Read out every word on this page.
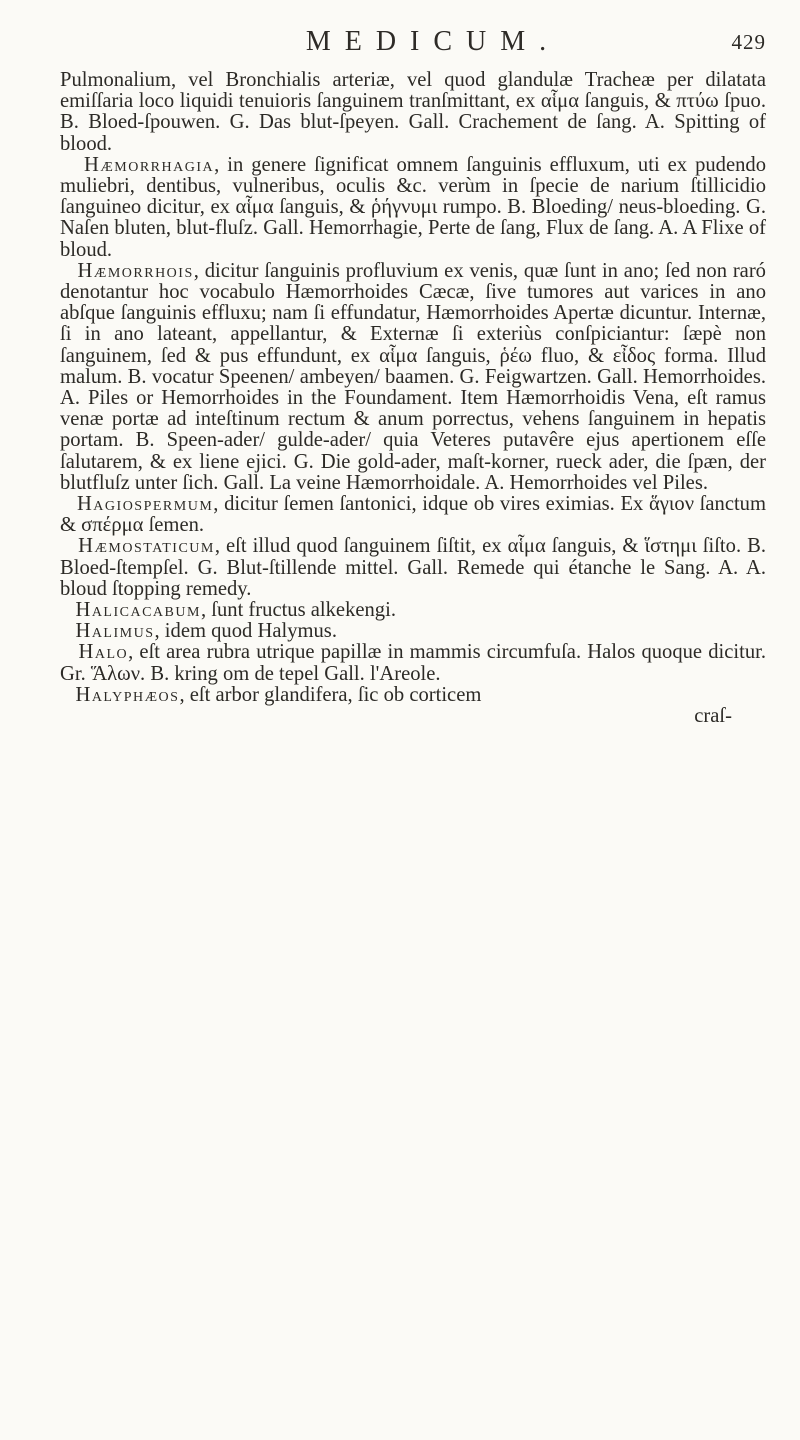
MEDICUM.	429

Pulmonalium, vel Bronchialis arteriæ, vel quod glandulæ Tracheæ per dilatata emiſſaria loco liquidi tenuioris ſanguinem tranſmittant, ex αἷμα ſanguis, & πτύω ſpuo. B. Bloed-ſpouwen. G. Das blut-ſpeyen. Gall. Crachement de ſang. A. Spitting of blood.

Hæmorrhagia, in genere ſignificat omnem ſanguinis effluxum, uti ex pudendo muliebri, dentibus, vulneribus, oculis &c. verùm in ſpecie de narium ſtillicidio ſanguineo dicitur, ex αἷμα ſanguis, & ῥήγνυμι rumpo. B. Bloeding/ neus-bloeding. G. Naſen bluten, blut-fluſz. Gall. Hemorrhagie, Perte de ſang, Flux de ſang. A. A Flixe of bloud.

Hæmorrhois, dicitur ſanguinis profluvium ex venis, quæ ſunt in ano; ſed non raró denotantur hoc vocabulo Hæmorrhoides Cæcæ, ſive tumores aut varices in ano abſque ſanguinis effluxu; nam ſi effundatur, Hæmorrhoides Apertæ dicuntur. Internæ, ſi in ano lateant, appellantur, & Externæ ſi exteriùs conſpiciantur: ſæpè non ſanguinem, ſed & pus effundunt, ex αἷμα ſanguis, ῥέω fluo, & εἶδος forma. Illud malum. B. vocatur Speenen/ ambeyen/ baamen. G. Feigwartzen. Gall. Hemorrhoides. A. Piles or Hemorrhoides in the Foundament. Item Hæmorrhoidis Vena, eſt ramus venæ portæ ad inteſtinum rectum & anum porrectus, vehens ſanguinem in hepatis portam. B. Speen-ader/ gulde-ader/ quia Veteres putavêre ejus apertionem eſſe ſalutarem, & ex liene ejici. G. Die gold-ader, maſt-korner, rueck ader, die ſpæn, der blutfluſz unter ſich. Gall. La veine Hæmorrhoidale. A. Hemorrhoides vel Piles.

Hagiospermum, dicitur ſemen ſantonici, idque ob vires eximias. Ex ἅγιον ſanctum & σπέρμα ſemen.

Hæmostaticum, eſt illud quod ſanguinem ſiſtit, ex αἷμα ſanguis, & ἵστημι ſiſto. B. Bloed-ſtempſel. G. Blut-ſtillende mittel. Gall. Remede qui étanche le Sang. A. A. bloud ſtopping remedy.

Halicacabum, ſunt fructus alkekengi.

Halimus, idem quod Halymus.

Halo, eſt area rubra utrique papillæ in mammis circumfuſa. Halos quoque dicitur. Gr. Ἅλων. B. kring om de tepel Gall. l'Areole.

Halyphæos, eſt arbor glandifera, ſic ob corticem

craſ-
